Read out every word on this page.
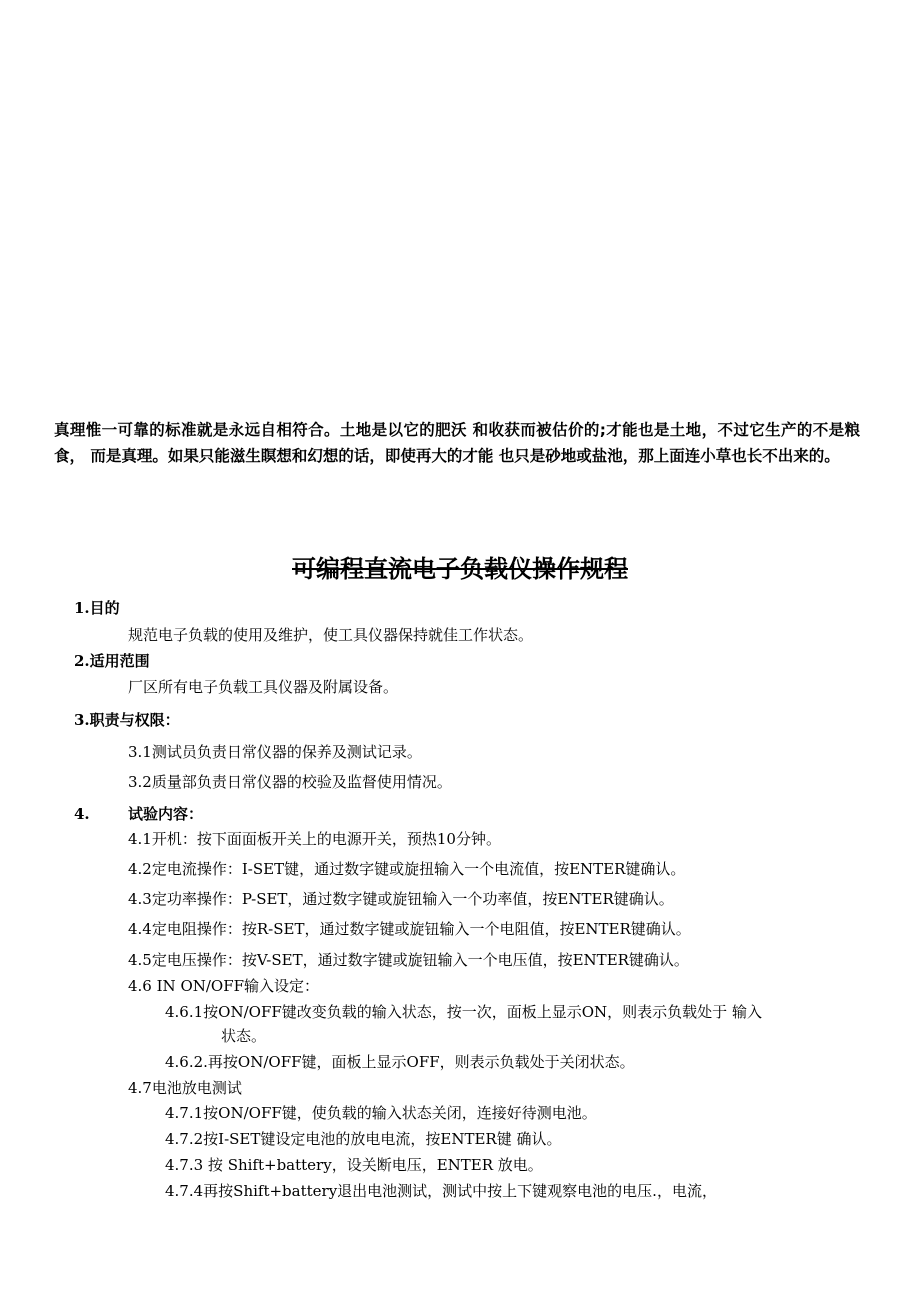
真理惟一可靠的标准就是永远自相符合。土地是以它的肥沃 和收获而被估价的;才能也是土地，不过它生产的不是粮食， 而是真理。如果只能滋生瞑想和幻想的话，即使再大的才能 也只是砂地或盐池，那上面连小草也长不出来的。
可编程直流电子负载仪操作规程
1.目的
规范电子负载的使用及维护，使工具仪器保持就佳工作状态。
2.适用范围
厂区所有电子负载工具仪器及附属设备。
3.职责与权限：
3.1测试员负责日常仪器的保养及测试记录。
3.2质量部负责日常仪器的校验及监督使用情况。
4.	试验内容：
4.1开机：按下面面板开关上的电源开关，预热10分钟。
4.2定电流操作：I-SET键，通过数字键或旋扭输入一个电流值，按ENTER键确认。
4.3定功率操作：P-SET，通过数字键或旋钮输入一个功率值，按ENTER键确认。
4.4定电阻操作：按R-SET，通过数字键或旋钮输入一个电阻值，按ENTER键确认。
4.5定电压操作：按V-SET，通过数字键或旋钮输入一个电压值，按ENTER键确认。
4.6 IN ON/OFF输入设定：
4.6.1按ON/OFF键改变负载的输入状态，按一次，面板上显示ON，则表示负载处于 输入
状态。
4.6.2.再按ON/OFF键，面板上显示OFF，则表示负载处于关闭状态。
4.7电池放电测试
4.7.1按ON/OFF键，使负载的输入状态关闭，连接好待测电池。
4.7.2按I-SET键设定电池的放电电流，按ENTER键 确认。
4.7.3 按 Shift+battery，设关断电压，ENTER 放电。
4.7.4再按Shift+battery退出电池测试，测试中按上下键观察电池的电压.，电流，
